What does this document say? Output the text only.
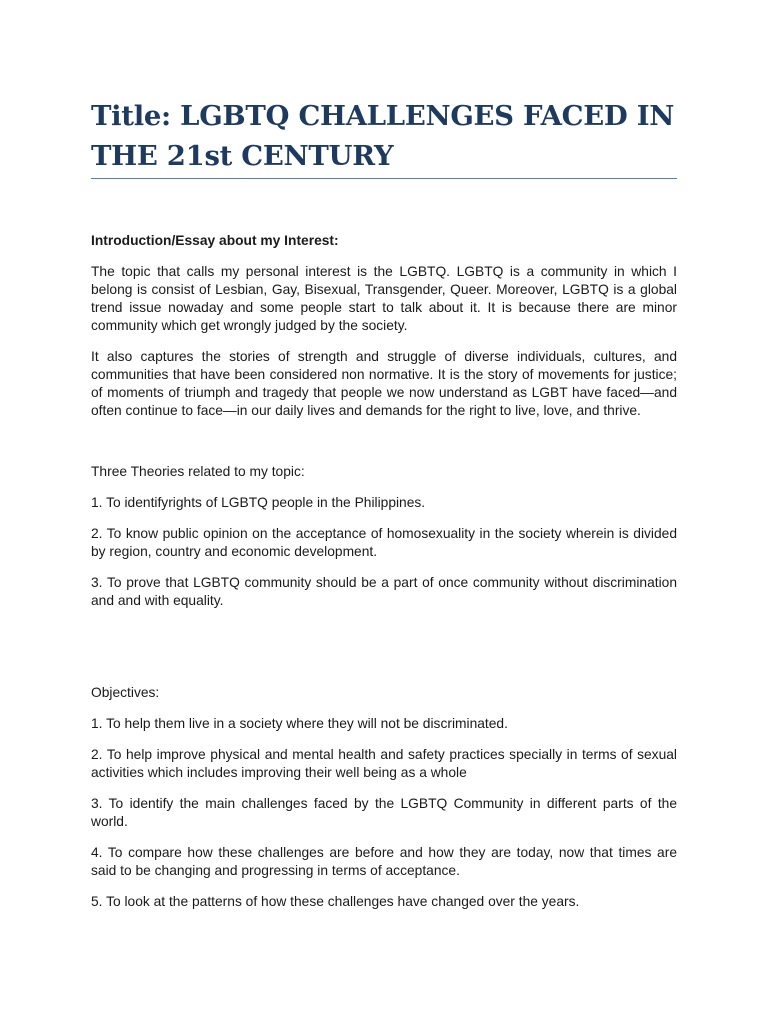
Title: LGBTQ CHALLENGES FACED IN
THE 21st CENTURY

Introduction/Essay about my Interest:

The topic that calls my personal interest is the LGBTQ. LGBTQ is a community in which I belong is consist of Lesbian, Gay, Bisexual, Transgender, Queer. Moreover, LGBTQ is a global trend issue nowaday and some people start to talk about it. It is because there are minor community which get wrongly judged by the society.

It also captures the stories of strength and struggle of diverse individuals, cultures, and communities that have been considered non normative. It is the story of movements for justice; of moments of triumph and tragedy that people we now understand as LGBT have faced—and often continue to face—in our daily lives and demands for the right to live, love, and thrive.

Three Theories related to my topic:

1. To identifyrights of LGBTQ people in the Philippines.

2. To know public opinion on the acceptance of homosexuality in the society wherein is divided by region, country and economic development.

3. To prove that LGBTQ community should be a part of once community without discrimination and and with equality.

Objectives:

1. To help them live in a society where they will not be discriminated.

2. To help improve physical and mental health and safety practices specially in terms of sexual activities which includes improving their well being as a whole

3. To identify the main challenges faced by the LGBTQ Community in different parts of the world.

4. To compare how these challenges are before and how they are today, now that times are said to be changing and progressing in terms of acceptance.

5. To look at the patterns of how these challenges have changed over the years.
